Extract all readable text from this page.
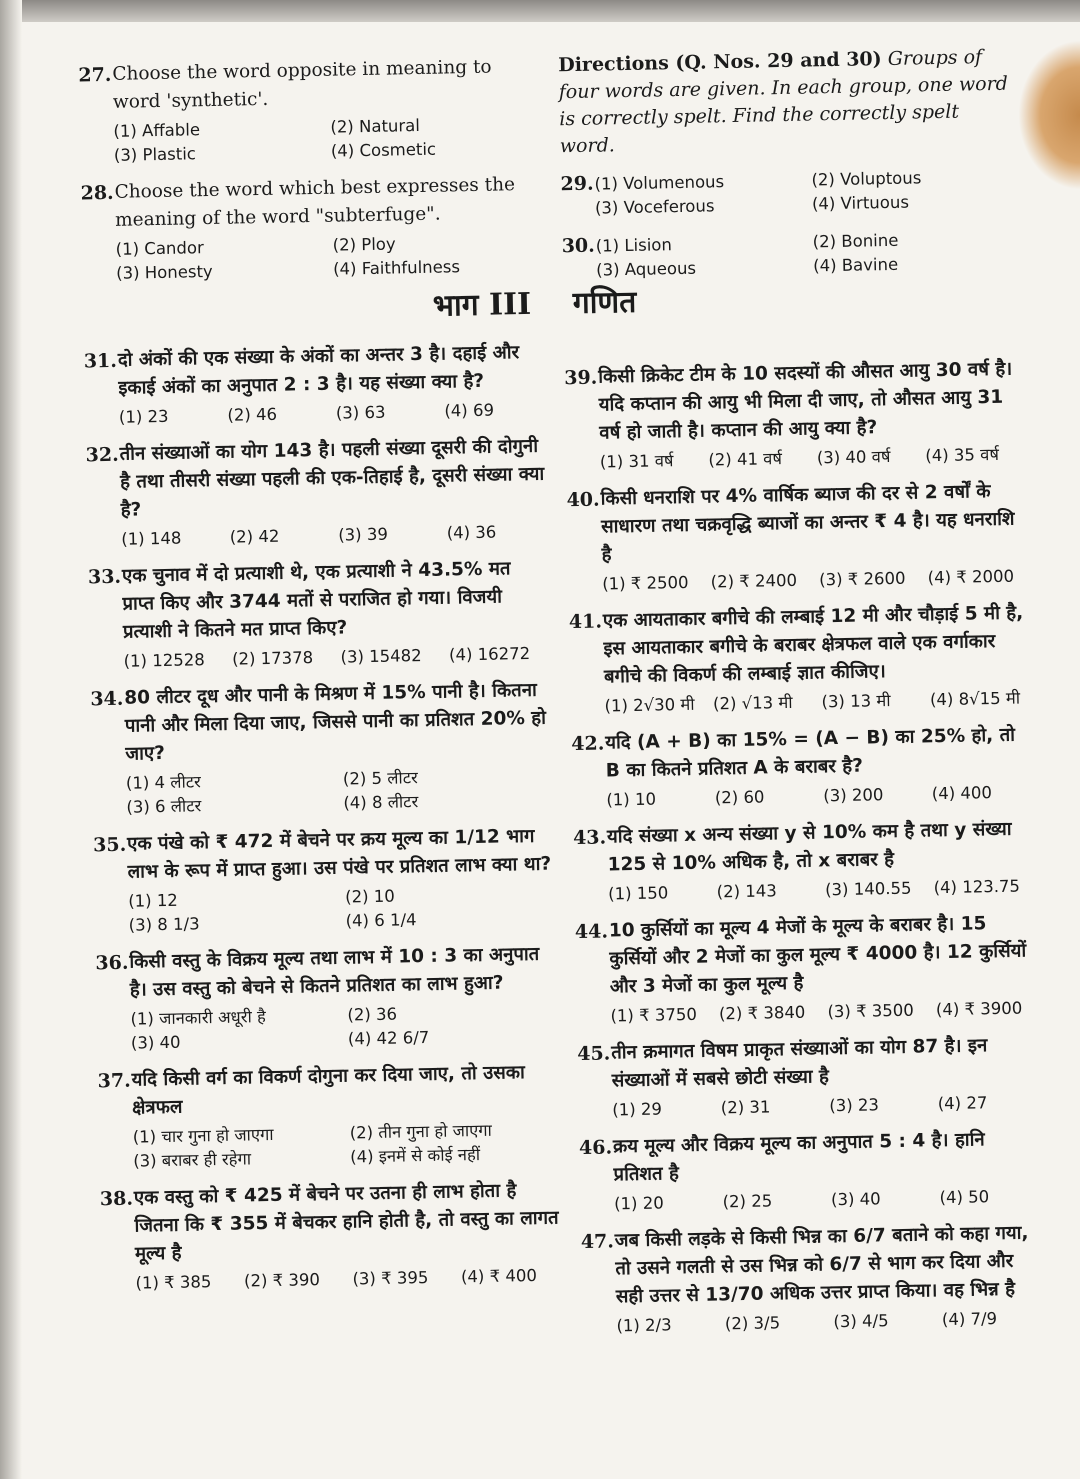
27. Choose the word opposite in meaning to word 'synthetic'.
(1) Affable	(2) Natural
(3) Plastic	(4) Cosmetic
28. Choose the word which best expresses the meaning of the word "subterfuge".
(1) Candor	(2) Ploy
(3) Honesty	(4) Faithfulness
31. दो अंकों की एक संख्या के अंकों का अन्तर 3 है। दहाई और इकाई अंकों का अनुपात 2 : 3 है। यह संख्या क्या है?
(1) 23	(2) 46	(3) 63	(4) 69
32. तीन संख्याओं का योग 143 है। पहली संख्या दूसरी की दोगुनी है तथा तीसरी संख्या पहली की एक-तिहाई है, दूसरी संख्या क्या है?
(1) 148	(2) 42	(3) 39	(4) 36
33. एक चुनाव में दो प्रत्याशी थे, एक प्रत्याशी ने 43.5% मत प्राप्त किए और 3744 मतों से पराजित हो गया। विजयी प्रत्याशी ने कितने मत प्राप्त किए?
(1) 12528	(2) 17378	(3) 15482	(4) 16272
34. 80 लीटर दूध और पानी के मिश्रण में 15% पानी है। कितना पानी और मिला दिया जाए, जिससे पानी का प्रतिशत 20% हो जाए?
(1) 4 लीटर	(2) 5 लीटर
(3) 6 लीटर	(4) 8 लीटर
35. एक पंखे को ₹ 472 में बेचने पर क्रय मूल्य का 1/12 भाग लाभ के रूप में प्राप्त हुआ। उस पंखे पर प्रतिशत लाभ क्या था?
(1) 12	(2) 10
(3) 8 1/3	(4) 6 1/4
36. किसी वस्तु के विक्रय मूल्य तथा लाभ में 10 : 3 का अनुपात है। उस वस्तु को बेचने से कितने प्रतिशत का लाभ हुआ?
(1) जानकारी अधूरी है	(2) 36
(3) 40	(4) 42 6/7
37. यदि किसी वर्ग का विकर्ण दोगुना कर दिया जाए, तो उसका क्षेत्रफल
(1) चार गुना हो जाएगा	(2) तीन गुना हो जाएगा
(3) बराबर ही रहेगा	(4) इनमें से कोई नहीं
38. एक वस्तु को ₹ 425 में बेचने पर उतना ही लाभ होता है जितना कि ₹ 355 में बेचकर हानि होती है, तो वस्तु का लागत मूल्य है
(1) ₹ 385	(2) ₹ 390	(3) ₹ 395	(4) ₹ 400
Directions (Q. Nos. 29 and 30) Groups of four words are given. In each group, one word is correctly spelt. Find the correctly spelt word.
29. (1) Volumenous	(2) Voluptous
(3) Voceferous	(4) Virtuous
30. (1) Lision	(2) Bonine
(3) Aqueous	(4) Bavine
39. किसी क्रिकेट टीम के 10 सदस्यों की औसत आयु 30 वर्ष है। यदि कप्तान की आयु भी मिला दी जाए, तो औसत आयु 31 वर्ष हो जाती है। कप्तान की आयु क्या है?
(1) 31 वर्ष	(2) 41 वर्ष	(3) 40 वर्ष	(4) 35 वर्ष
40. किसी धनराशि पर 4% वार्षिक ब्याज की दर से 2 वर्षों के साधारण तथा चक्रवृद्धि ब्याजों का अन्तर ₹ 4 है। यह धनराशि है
(1) ₹ 2500	(2) ₹ 2400	(3) ₹ 2600	(4) ₹ 2000
41. एक आयताकार बगीचे की लम्बाई 12 मी और चौड़ाई 5 मी है, इस आयताकार बगीचे के बराबर क्षेत्रफल वाले एक वर्गाकार बगीचे की विकर्ण की लम्बाई ज्ञात कीजिए।
(1) 2√30 मी	(2) √13 मी	(3) 13 मी	(4) 8√15 मी
42. यदि (A + B) का 15% = (A − B) का 25% हो, तो B का कितने प्रतिशत A के बराबर है?
(1) 10	(2) 60	(3) 200	(4) 400
43. यदि संख्या x अन्य संख्या y से 10% कम है तथा y संख्या 125 से 10% अधिक है, तो x बराबर है
(1) 150	(2) 143	(3) 140.55	(4) 123.75
44. 10 कुर्सियों का मूल्य 4 मेजों के मूल्य के बराबर है। 15 कुर्सियों और 2 मेजों का कुल मूल्य ₹ 4000 है। 12 कुर्सियों और 3 मेजों का कुल मूल्य है
(1) ₹ 3750	(2) ₹ 3840	(3) ₹ 3500	(4) ₹ 3900
45. तीन क्रमागत विषम प्राकृत संख्याओं का योग 87 है। इन संख्याओं में सबसे छोटी संख्या है
(1) 29	(2) 31	(3) 23	(4) 27
46. क्रय मूल्य और विक्रय मूल्य का अनुपात 5 : 4 है। हानि प्रतिशत है
(1) 20	(2) 25	(3) 40	(4) 50
47. जब किसी लड़के से किसी भिन्न का 6/7 बताने को कहा गया, तो उसने गलती से उस भिन्न को 6/7 से भाग कर दिया और सही उत्तर से 13/70 अधिक उत्तर प्राप्त किया। वह भिन्न है
(1) 2/3	(2) 3/5	(3) 4/5	(4) 7/9
भाग III गणित
